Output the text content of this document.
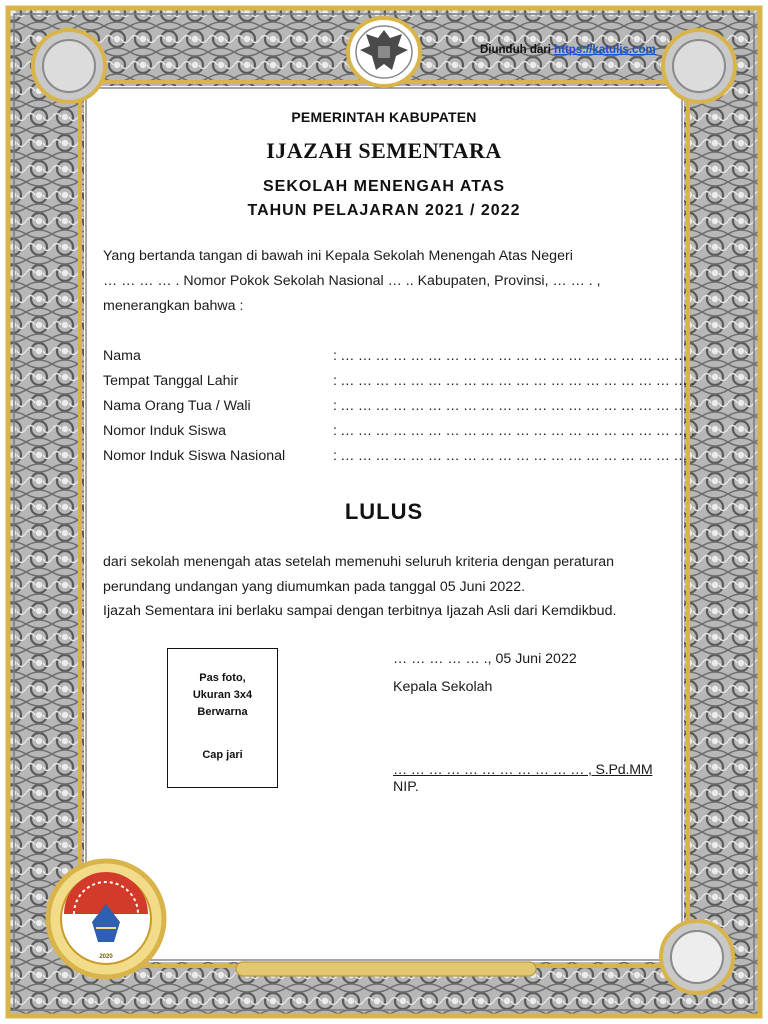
2020
Diunduh dari https://katulis.com
PEMERINTAH KABUPATEN
IJAZAH SEMENTARA
SEKOLAH MENENGAH ATAS
TAHUN PELAJARAN 2021 / 2022
Yang bertanda tangan di bawah ini Kepala Sekolah Menengah Atas Negeri
… … … … . Nomor Pokok Sekolah Nasional … .. Kabupaten, Provinsi, … … . ,
menerangkan bahwa :
Nama	: … … … … … … … … … … … … … … … … … … … … .
Tempat Tanggal Lahir	: … … … … … … … … … … … … … … … … … … … … .
Nama Orang Tua / Wali	: … … … … … … … … … … … … … … … … … … … … .
Nomor Induk Siswa	: … … … … … … … … … … … … … … … … … … … … .
Nomor Induk Siswa Nasional	: … … … … … … … … … … … … … … … … … … … … .
LULUS
dari sekolah menengah atas setelah memenuhi seluruh kriteria dengan peraturan
perundang undangan yang diumumkan pada tanggal 05 Juni 2022.
Ijazah Sementara ini berlaku sampai dengan terbitnya Ijazah Asli dari Kemdikbud.
Pas foto,
Ukuran 3x4
Berwarna
Cap jari
… … … … … ., 05 Juni 2022
Kepala Sekolah
… … … … … … … … … … … , S.Pd.MM
NIP.
